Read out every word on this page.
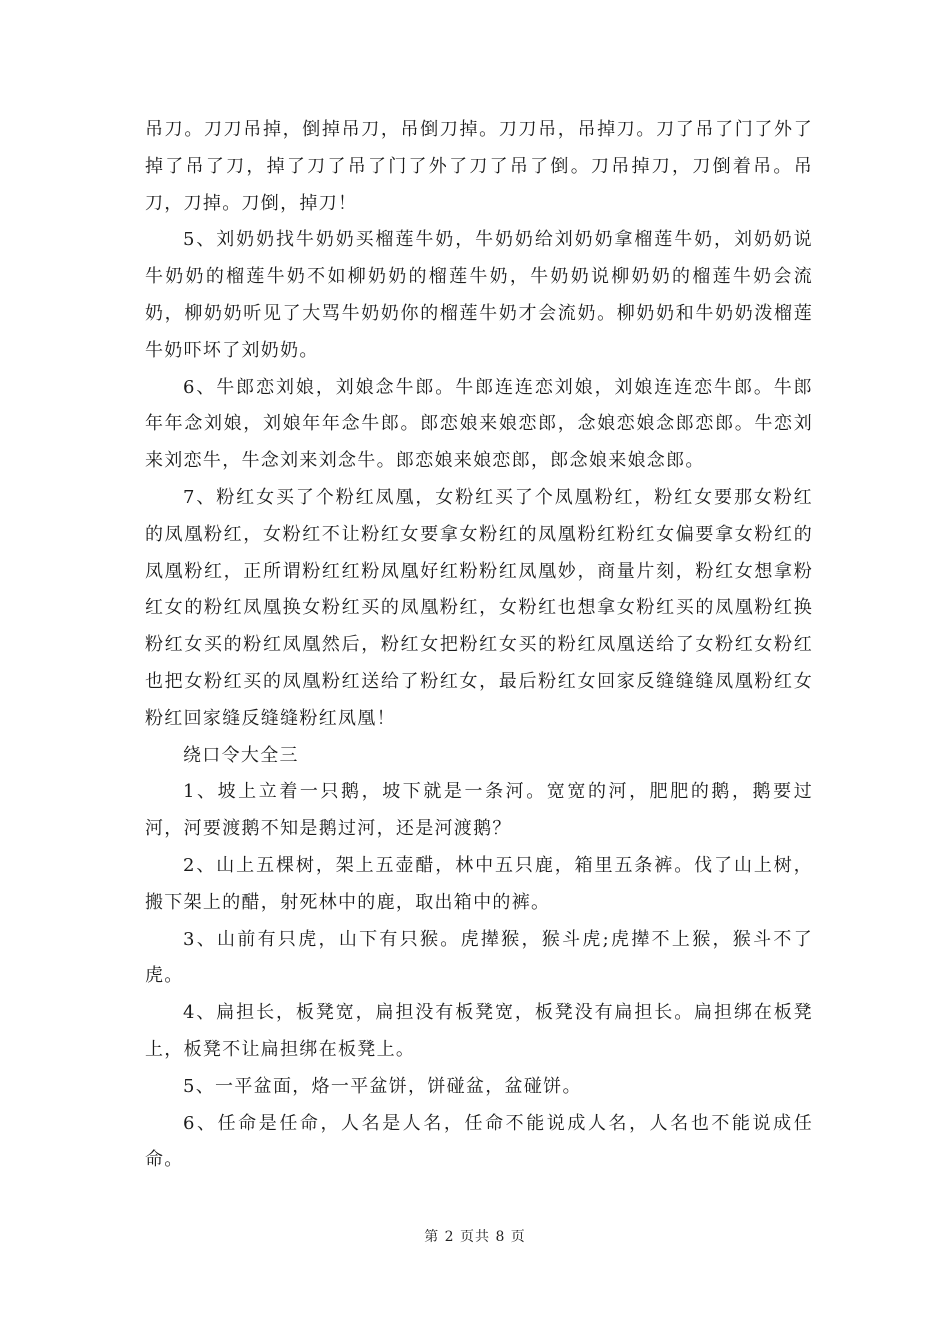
吊刀。刀刀吊掉，倒掉吊刀，吊倒刀掉。刀刀吊，吊掉刀。刀了吊了门了外了掉了吊了刀，掉了刀了吊了门了外了刀了吊了倒。刀吊掉刀，刀倒着吊。吊刀，刀掉。刀倒，掉刀！

5、刘奶奶找牛奶奶买榴莲牛奶，牛奶奶给刘奶奶拿榴莲牛奶，刘奶奶说牛奶奶的榴莲牛奶不如柳奶奶的榴莲牛奶，牛奶奶说柳奶奶的榴莲牛奶会流奶，柳奶奶听见了大骂牛奶奶你的榴莲牛奶才会流奶。柳奶奶和牛奶奶泼榴莲牛奶吓坏了刘奶奶。

6、牛郎恋刘娘，刘娘念牛郎。牛郎连连恋刘娘，刘娘连连恋牛郎。牛郎年年念刘娘，刘娘年年念牛郎。郎恋娘来娘恋郎，念娘恋娘念郎恋郎。牛恋刘来刘恋牛，牛念刘来刘念牛。郎恋娘来娘恋郎，郎念娘来娘念郎。

7、粉红女买了个粉红凤凰，女粉红买了个凤凰粉红，粉红女要那女粉红的凤凰粉红，女粉红不让粉红女要拿女粉红的凤凰粉红粉红女偏要拿女粉红的凤凰粉红，正所谓粉红红粉凤凰好红粉粉红凤凰妙，商量片刻，粉红女想拿粉红女的粉红凤凰换女粉红买的凤凰粉红，女粉红也想拿女粉红买的凤凰粉红换粉红女买的粉红凤凰然后，粉红女把粉红女买的粉红凤凰送给了女粉红女粉红也把女粉红买的凤凰粉红送给了粉红女，最后粉红女回家反缝缝缝凤凰粉红女粉红回家缝反缝缝粉红凤凰！

绕口令大全三

1、坡上立着一只鹅，坡下就是一条河。宽宽的河，肥肥的鹅，鹅要过河，河要渡鹅不知是鹅过河，还是河渡鹅？

2、山上五棵树，架上五壶醋，林中五只鹿，箱里五条裤。伐了山上树，搬下架上的醋，射死林中的鹿，取出箱中的裤。

3、山前有只虎，山下有只猴。虎撵猴，猴斗虎;虎撵不上猴，猴斗不了虎。

4、扁担长，板凳宽，扁担没有板凳宽，板凳没有扁担长。扁担绑在板凳上，板凳不让扁担绑在板凳上。

5、一平盆面，烙一平盆饼，饼碰盆，盆碰饼。

6、任命是任命，人名是人名，任命不能说成人名，人名也不能说成任命。

第 2 页共 8 页
